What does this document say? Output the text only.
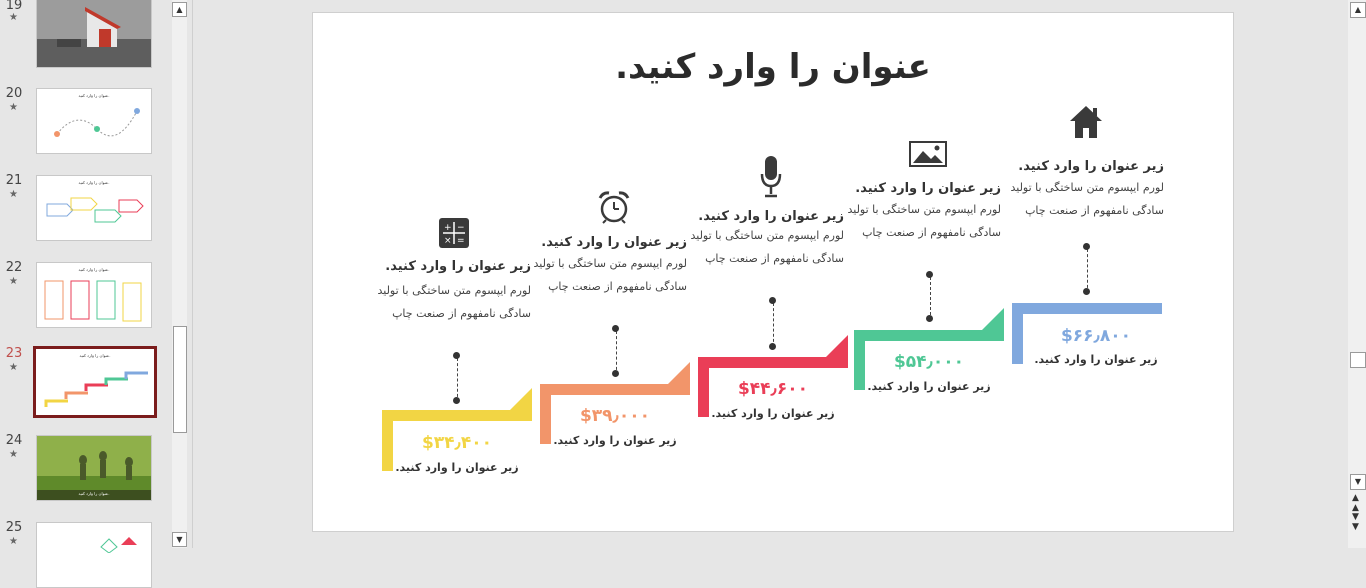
19
★
20
★
عنوان را وارد کنید.
21
★
عنوان را وارد کنید.
22
★
عنوان را وارد کنید.
23
★
عنوان را وارد کنید.
24
★
عنوان را وارد کنید.
25
★
▲
▼
عنوان را وارد کنید.
$۳۴٫۴۰۰
زیر عنوان را وارد کنید.
زیر عنوان را وارد کنید.
لورم ایپسوم متن ساختگی با تولید سادگی نامفهوم از صنعت چاپ
+ −
× =
$۳۹٫۰۰۰
زیر عنوان را وارد کنید.
زیر عنوان را وارد کنید.
لورم ایپسوم متن ساختگی با تولید سادگی نامفهوم از صنعت چاپ
$۴۴٫۶۰۰
زیر عنوان را وارد کنید.
زیر عنوان را وارد کنید.
لورم ایپسوم متن ساختگی با تولید سادگی نامفهوم از صنعت چاپ
$۵۴٫۰۰۰
زیر عنوان را وارد کنید.
زیر عنوان را وارد کنید.
لورم ایپسوم متن ساختگی با تولید سادگی نامفهوم از صنعت چاپ
$۶۶٫۸۰۰
زیر عنوان را وارد کنید.
زیر عنوان را وارد کنید.
لورم ایپسوم متن ساختگی با تولید سادگی نامفهوم از صنعت چاپ
▲
▼
▲
▲
▼
▼
